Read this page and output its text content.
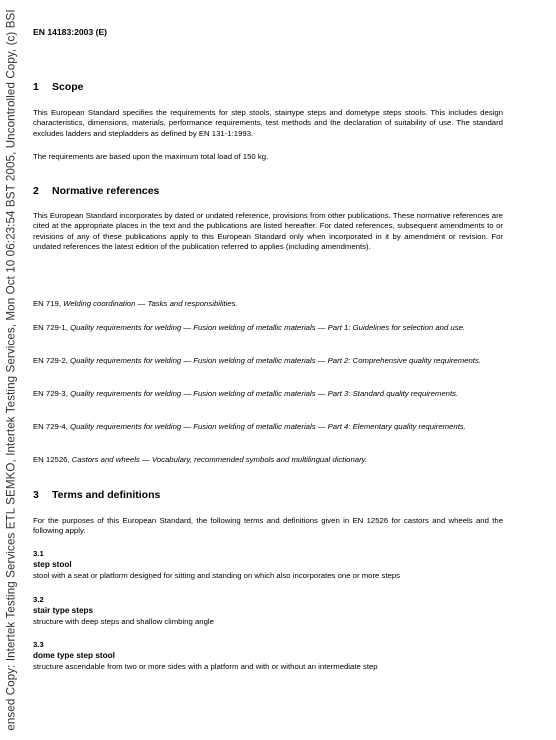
ensed Copy: Intertek Testing Services ETL SEMKO, Intertek Testing Services, Mon Oct 10 06:23:54 BST 2005, Uncontrolled Copy, (c) BSI EN 14183:2003 (E)
1 Scope

This European Standard specifies the requirements for step stools, stairtype steps and dometype steps stools. This includes design characteristics, dimensions, materials, performance requirements, test methods and the declaration of suitability of use. The standard excludes ladders and stepladders as defined by EN 131-1:1993.

The requirements are based upon the maximum total load of 150 kg.

2 Normative references

This European Standard incorporates by dated or undated reference, provisions from other publications. These normative references are cited at the appropriate places in the text and the publications are listed hereafter. For dated references, subsequent amendments to or revisions of any of these publications apply to this European Standard only when incorporated in it by amendment or revision. For undated references the latest edition of the publication referred to applies (including amendments).

EN 719, Welding coordination — Tasks and responsibilities.

EN 729-1, Quality requirements for welding — Fusion welding of metallic materials — Part 1: Guidelines for selection and use.

EN 729-2, Quality requirements for welding — Fusion welding of metallic materials — Part 2: Comprehensive quality requirements.

EN 729-3, Quality requirements for welding — Fusion welding of metallic materials — Part 3: Standard quality requirements.

EN 729-4, Quality requirements for welding — Fusion welding of metallic materials — Part 4: Elementary quality requirements.

EN 12526, Castors and wheels — Vocabulary, recommended symbols and multilingual dictionary.

3 Terms and definitions

For the purposes of this European Standard, the following terms and definitions given in EN 12526 for castors and wheels and the following apply.

3.1
step stool
stool with a seat or platform designed for sitting and standing on which also incorporates one or more steps
3.2
stair type steps
structure with deep steps and shallow climbing angle
3.3
dome type step stool
structure ascendable from two or more sides with a platform and with or without an intermediate step
